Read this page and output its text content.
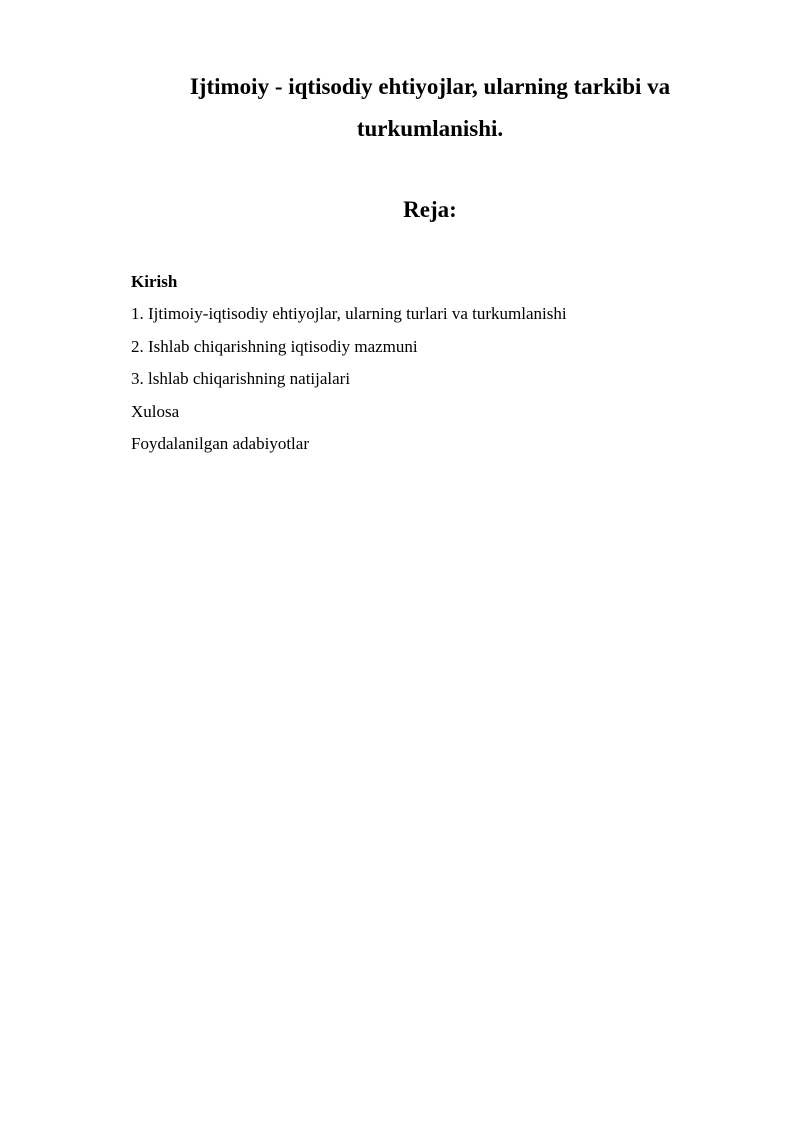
Ijtimoiy - iqtisodiy ehtiyojlar, ularning tarkibi va turkumlanishi.
Reja:
Kirish
1. Ijtimoiy-iqtisodiy ehtiyojlar, ularning turlari va turkumlanishi
2. Ishlab chiqarishning iqtisodiy mazmuni
3. lshlab chiqarishning natijalari
Xulosa
Foydalanilgan adabiyotlar
